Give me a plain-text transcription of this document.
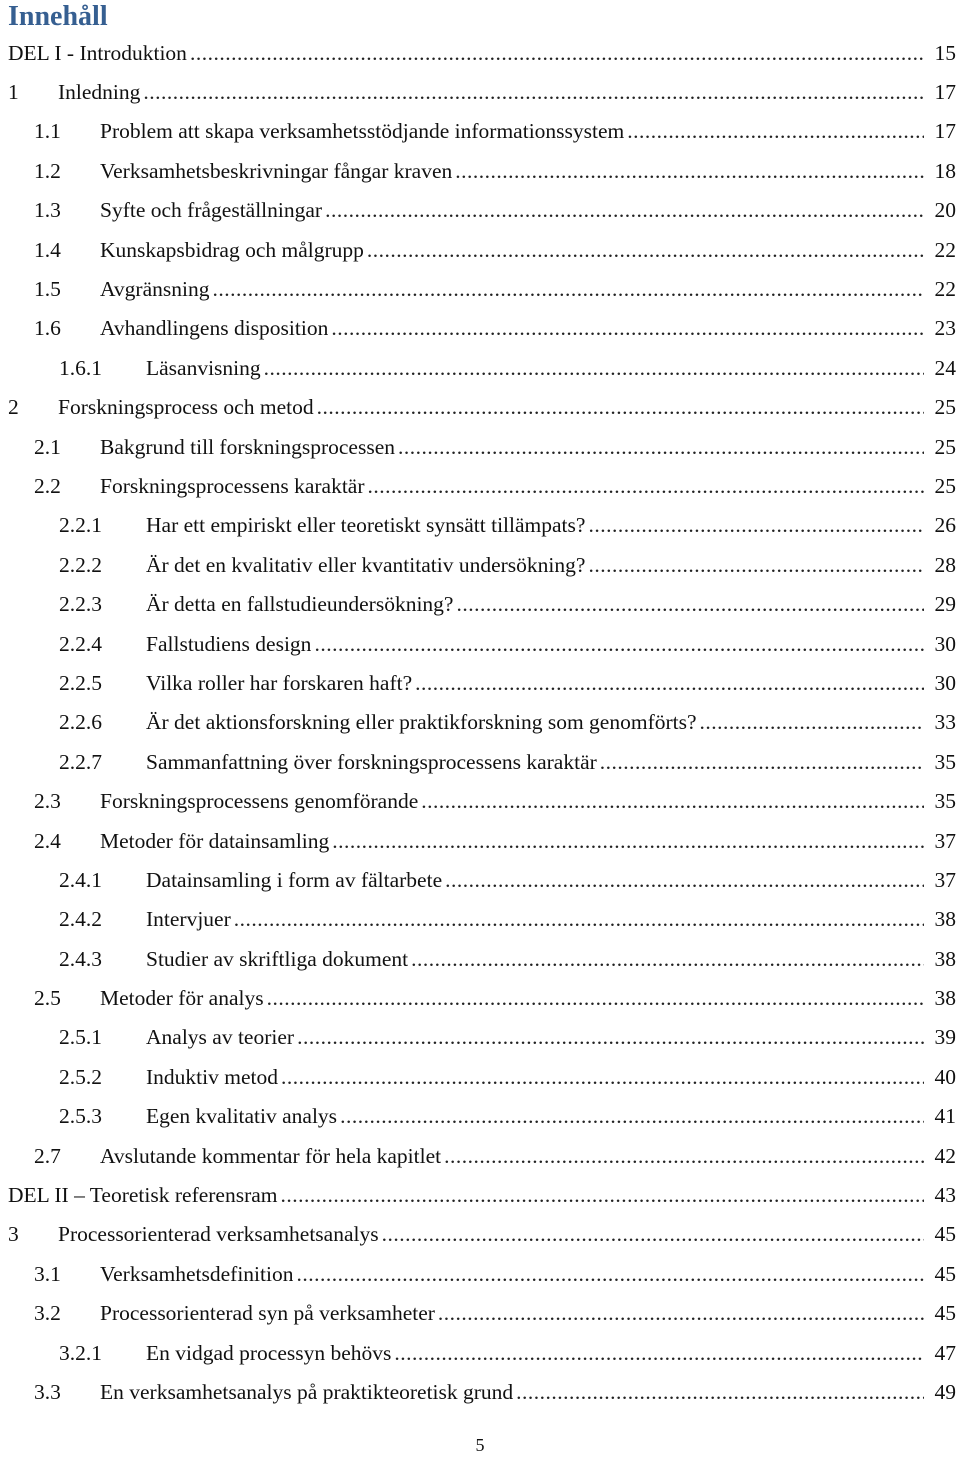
Innehåll
DEL I - Introduktion .....	15
1	Inledning .....	17
1.1	Problem att skapa verksamhetsstödjande informationssystem .....	17
1.2	Verksamhetsbeskrivningar fångar kraven .....	18
1.3	Syfte och frågeställningar .....	20
1.4	Kunskapsbidrag och målgrupp .....	22
1.5	Avgränsning .....	22
1.6	Avhandlingens disposition .....	23
1.6.1	Läsanvisning .....	24
2	Forskningsprocess och metod .....	25
2.1	Bakgrund till forskningsprocessen .....	25
2.2	Forskningsprocessens karaktär .....	25
2.2.1	Har ett empiriskt eller teoretiskt synsätt tillämpats? .....	26
2.2.2	Är det en kvalitativ eller kvantitativ undersökning? .....	28
2.2.3	Är detta en fallstudieundersökning? .....	29
2.2.4	Fallstudiens design .....	30
2.2.5	Vilka roller har forskaren haft? .....	30
2.2.6	Är det aktionsforskning eller praktikforskning som genomförts? .....	33
2.2.7	Sammanfattning över forskningsprocessens karaktär .....	35
2.3	Forskningsprocessens genomförande .....	35
2.4	Metoder för datainsamling .....	37
2.4.1	Datainsamling i form av fältarbete .....	37
2.4.2	Intervjuer .....	38
2.4.3	Studier av skriftliga dokument .....	38
2.5	Metoder för analys .....	38
2.5.1	Analys av teorier .....	39
2.5.2	Induktiv metod .....	40
2.5.3	Egen kvalitativ analys .....	41
2.7	Avslutande kommentar för hela kapitlet .....	42
DEL II – Teoretisk referensram .....	43
3	Processorienterad verksamhetsanalys .....	45
3.1	Verksamhetsdefinition .....	45
3.2	Processorienterad syn på verksamheter .....	45
3.2.1	En vidgad processyn behövs .....	47
3.3	En verksamhetsanalys på praktikteoretisk grund .....	49
5
